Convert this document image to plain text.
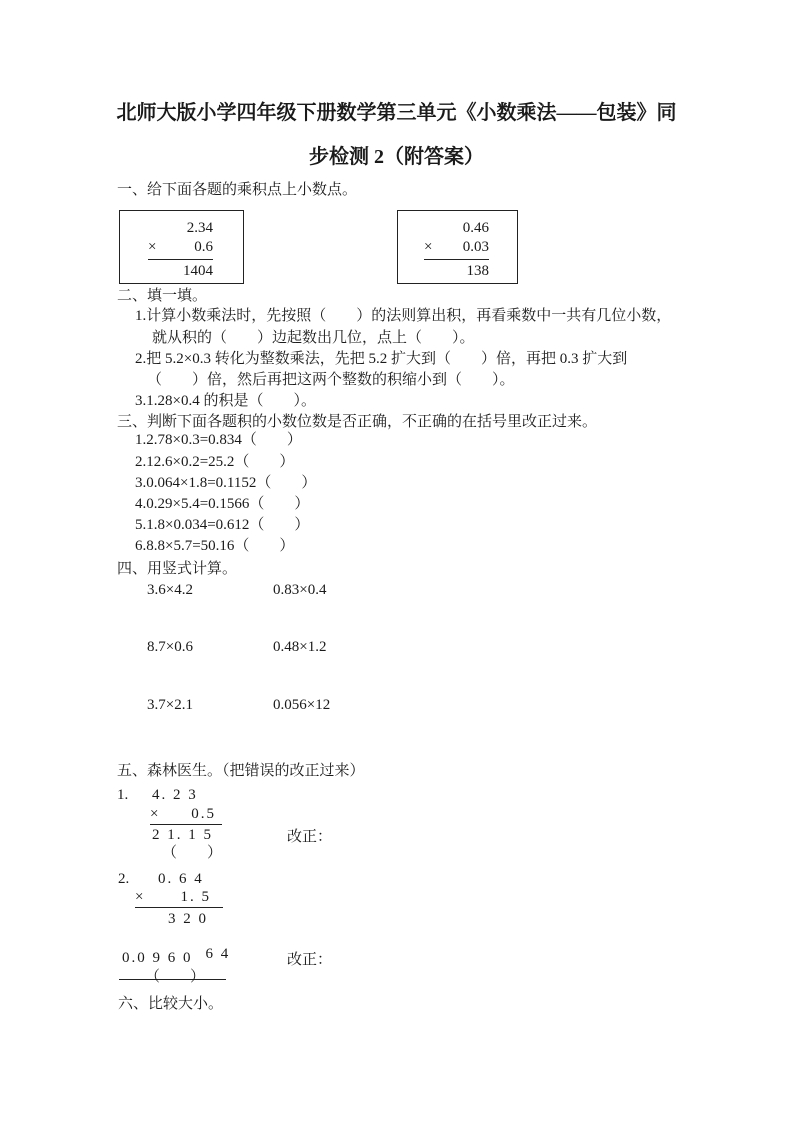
北师大版小学四年级下册数学第三单元《小数乘法——包装》同
步检测 2（附答案）
一、给下面各题的乘积点上小数点。
2.34
×	0.6
1404
0.46
× 0.03
138
二、填一填。
1.计算小数乘法时，先按照（　　）的法则算出积，再看乘数中一共有几位小数，
就从积的（　　）边起数出几位，点上（　　）。
2.把 5.2×0.3 转化为整数乘法，先把 5.2 扩大到（　　）倍，再把 0.3 扩大到
（　　）倍，然后再把这两个整数的积缩小到（　　）。
3.1.28×0.4 的积是（　　）。
三、判断下面各题积的小数位数是否正确，不正确的在括号里改正过来。
1.2.78×0.3=0.834（　　）
2.12.6×0.2=25.2（　　）
3.0.064×1.8=0.1152（　　）
4.0.29×5.4=0.1566（　　）
5.1.8×0.034=0.612（　　）
6.8.8×5.7=50.16（　　）
四、用竖式计算。
3.6×4.2	0.83×0.4
8.7×0.6	0.48×1.2
3.7×2.1	0.056×12
五、森林医生。（把错误的改正过来）
1. 4. 2 3
× 0.5
2 1. 1 5	改正：
（　　）
2. 0. 6 4
× 1. 5
3 2 0

6 4

0.0 9 6 0	改正：
（　　）
六、比较大小。
